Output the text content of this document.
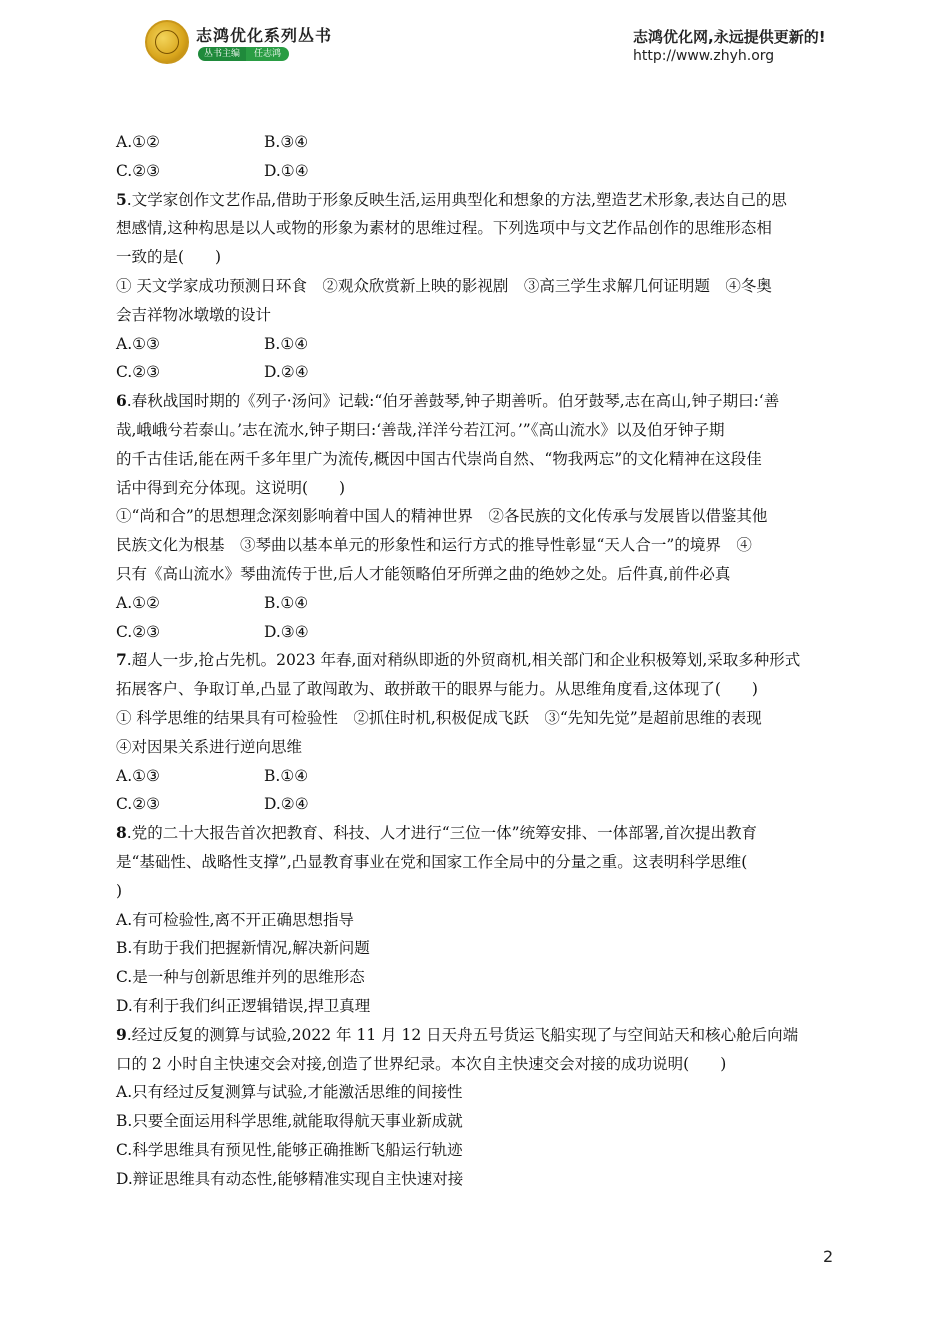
志鸿优化系列丛书
丛书主编	任志鸿
志鸿优化网,永远提供更新的!
http://www.zhyh.org
A.①②	B.③④
C.②③	D.①④
5.文学家创作文艺作品,借助于形象反映生活,运用典型化和想象的方法,塑造艺术形象,表达自己的思
想感情,这种构思是以人或物的形象为素材的思维过程。下列选项中与文艺作品创作的思维形态相
一致的是(　　)
① 天文学家成功预测日环食　②观众欣赏新上映的影视剧　③高三学生求解几何证明题　④冬奥
会吉祥物冰墩墩的设计
A.①③	B.①④
C.②③	D.②④
6.春秋战国时期的《列子·汤问》记载:“伯牙善鼓琴,钟子期善听。伯牙鼓琴,志在高山,钟子期曰:‘善
哉,峨峨兮若泰山。’志在流水,钟子期曰:‘善哉,洋洋兮若江河。’”《高山流水》以及伯牙钟子期
的千古佳话,能在两千多年里广为流传,概因中国古代崇尚自然、“物我两忘”的文化精神在这段佳
话中得到充分体现。这说明(　　)
①“尚和合”的思想理念深刻影响着中国人的精神世界　②各民族的文化传承与发展皆以借鉴其他
民族文化为根基　③琴曲以基本单元的形象性和运行方式的推导性彰显“天人合一”的境界　④
只有《高山流水》琴曲流传于世,后人才能领略伯牙所弹之曲的绝妙之处。后件真,前件必真
A.①②	B.①④
C.②③	D.③④
7.超人一步,抢占先机。2023 年春,面对稍纵即逝的外贸商机,相关部门和企业积极筹划,采取多种形式
拓展客户、争取订单,凸显了敢闯敢为、敢拼敢干的眼界与能力。从思维角度看,这体现了(　　)
① 科学思维的结果具有可检验性　②抓住时机,积极促成飞跃　③“先知先觉”是超前思维的表现
④对因果关系进行逆向思维
A.①③	B.①④
C.②③	D.②④
8.党的二十大报告首次把教育、科技、人才进行“三位一体”统筹安排、一体部署,首次提出教育
是“基础性、战略性支撑”,凸显教育事业在党和国家工作全局中的分量之重。这表明科学思维(
)
A.有可检验性,离不开正确思想指导
B.有助于我们把握新情况,解决新问题
C.是一种与创新思维并列的思维形态
D.有利于我们纠正逻辑错误,捍卫真理
9.经过反复的测算与试验,2022 年 11 月 12 日天舟五号货运飞船实现了与空间站天和核心舱后向端
口的 2 小时自主快速交会对接,创造了世界纪录。本次自主快速交会对接的成功说明(　　)
A.只有经过反复测算与试验,才能激活思维的间接性
B.只要全面运用科学思维,就能取得航天事业新成就
C.科学思维具有预见性,能够正确推断飞船运行轨迹
D.辩证思维具有动态性,能够精准实现自主快速对接
2
